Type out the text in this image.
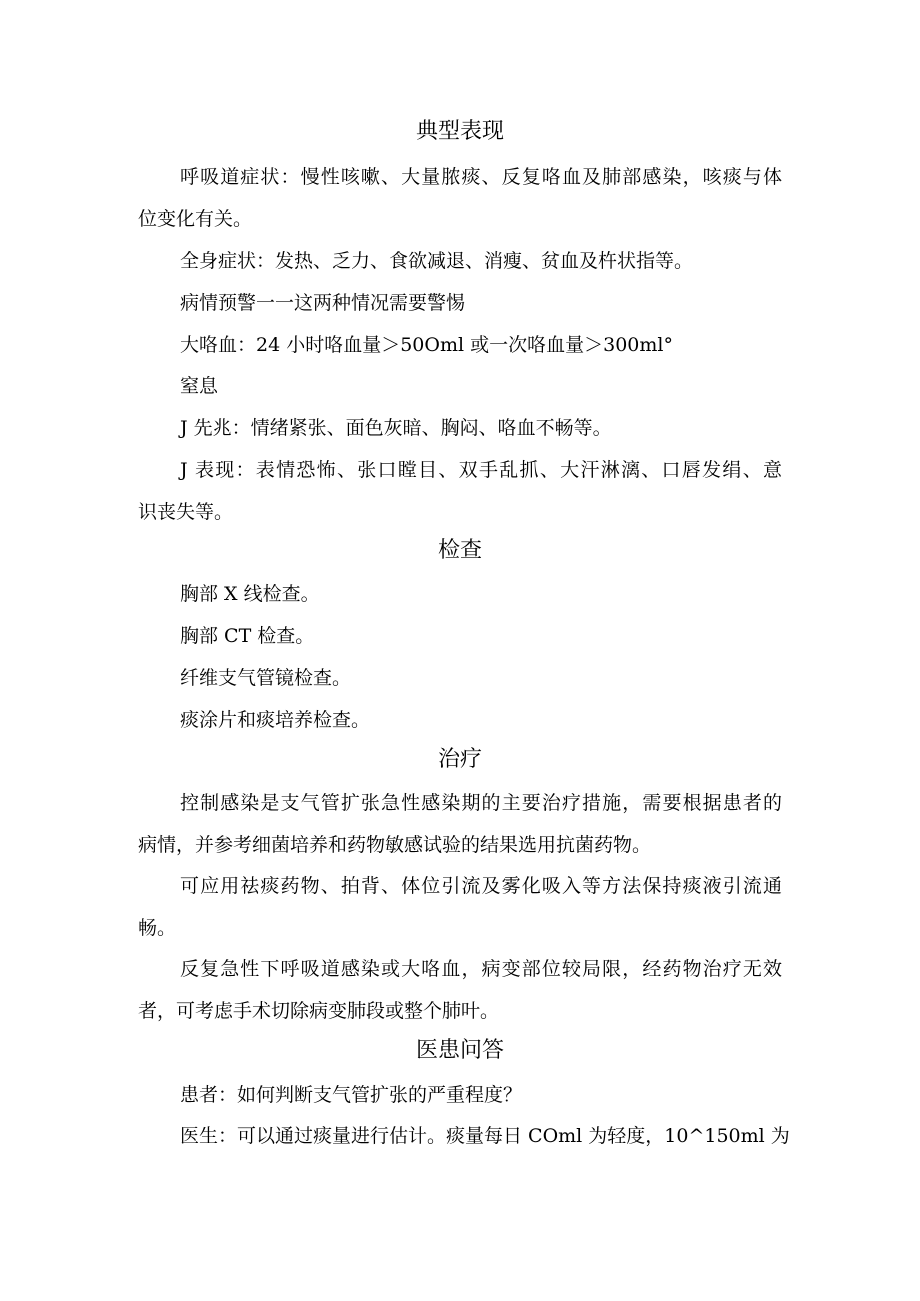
典型表现

呼吸道症状：慢性咳嗽、大量脓痰、反复咯血及肺部感染，咳痰与体

位变化有关。

全身症状：发热、乏力、食欲减退、消瘦、贫血及杵状指等。

病情预警一一这两种情况需要警惕

大咯血：24 小时咯血量＞50Oml 或一次咯血量＞300ml°

窒息

J 先兆：情绪紧张、面色灰暗、胸闷、咯血不畅等。

J 表现：表情恐怖、张口瞠目、双手乱抓、大汗淋漓、口唇发绢、意

识丧失等。

检查

胸部 X 线检查。

胸部 CT 检查。

纤维支气管镜检查。

痰涂片和痰培养检查。

治疗

控制感染是支气管扩张急性感染期的主要治疗措施，需要根据患者的

病情，并参考细菌培养和药物敏感试验的结果选用抗菌药物。

可应用祛痰药物、拍背、体位引流及雾化吸入等方法保持痰液引流通

畅。

反复急性下呼吸道感染或大咯血，病变部位较局限，经药物治疗无效

者，可考虑手术切除病变肺段或整个肺叶。

医患问答

患者：如何判断支气管扩张的严重程度？

医生：可以通过痰量进行估计。痰量每日 COml 为轻度，10^150ml 为
